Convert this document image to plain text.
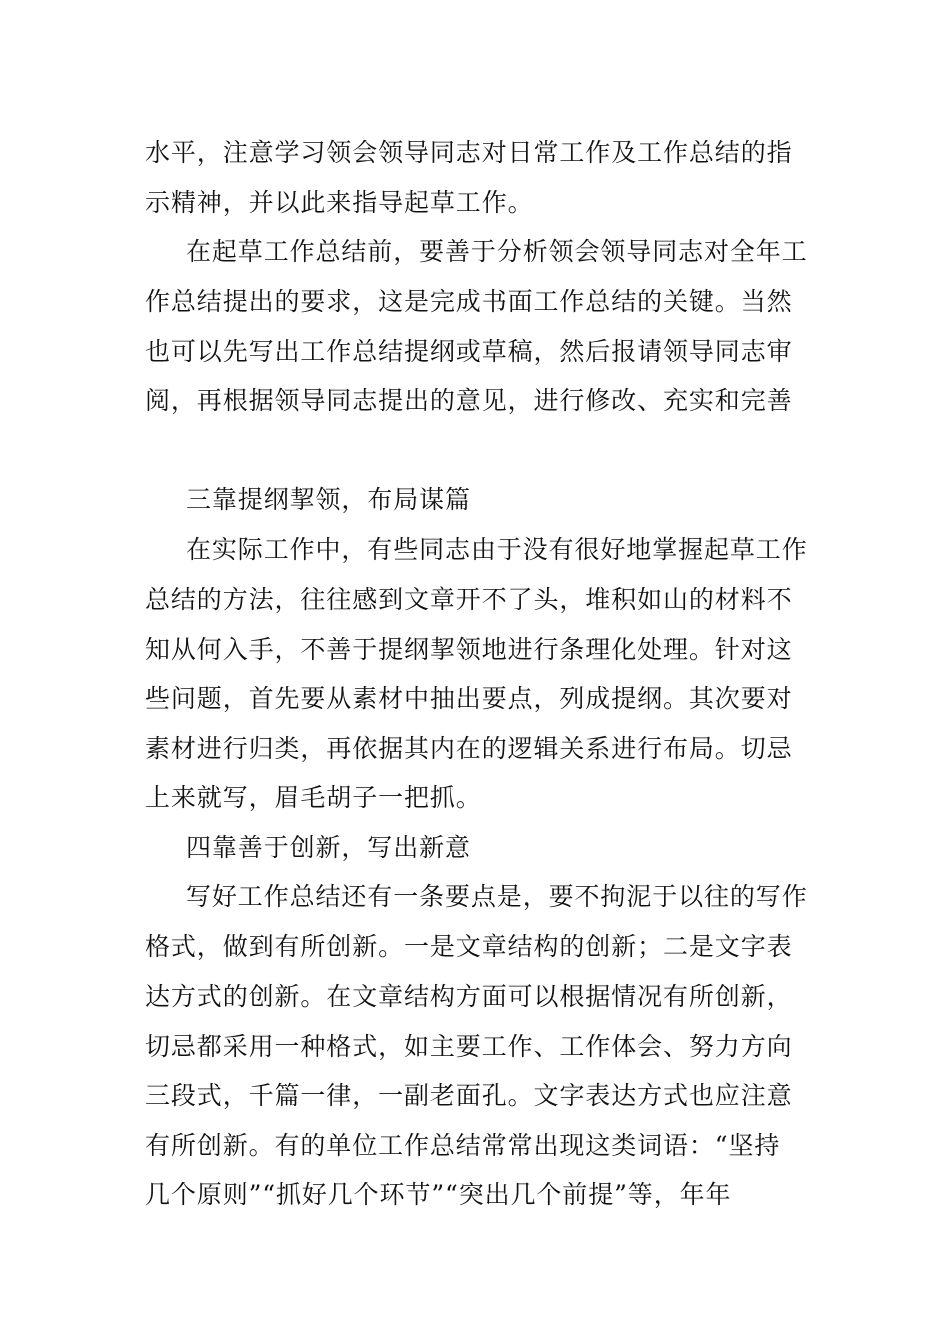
水平，注意学习领会领导同志对日常工作及工作总结的指
示精神，并以此来指导起草工作。
在起草工作总结前，要善于分析领会领导同志对全年工
作总结提出的要求，这是完成书面工作总结的关键。当然
也可以先写出工作总结提纲或草稿，然后报请领导同志审
阅，再根据领导同志提出的意见，进行修改、充实和完善
三靠提纲挈领，布局谋篇
在实际工作中，有些同志由于没有很好地掌握起草工作
总结的方法，往往感到文章开不了头，堆积如山的材料不
知从何入手，不善于提纲挈领地进行条理化处理。针对这
些问题，首先要从素材中抽出要点，列成提纲。其次要对
素材进行归类，再依据其内在的逻辑关系进行布局。切忌
上来就写，眉毛胡子一把抓。
四靠善于创新，写出新意
写好工作总结还有一条要点是，要不拘泥于以往的写作
格式，做到有所创新。一是文章结构的创新；二是文字表
达方式的创新。在文章结构方面可以根据情况有所创新，
切忌都采用一种格式，如主要工作、工作体会、努力方向
三段式，千篇一律，一副老面孔。文字表达方式也应注意
有所创新。有的单位工作总结常常出现这类词语：“坚持
几个原则”“抓好几个环节”“突出几个前提”等，年年
